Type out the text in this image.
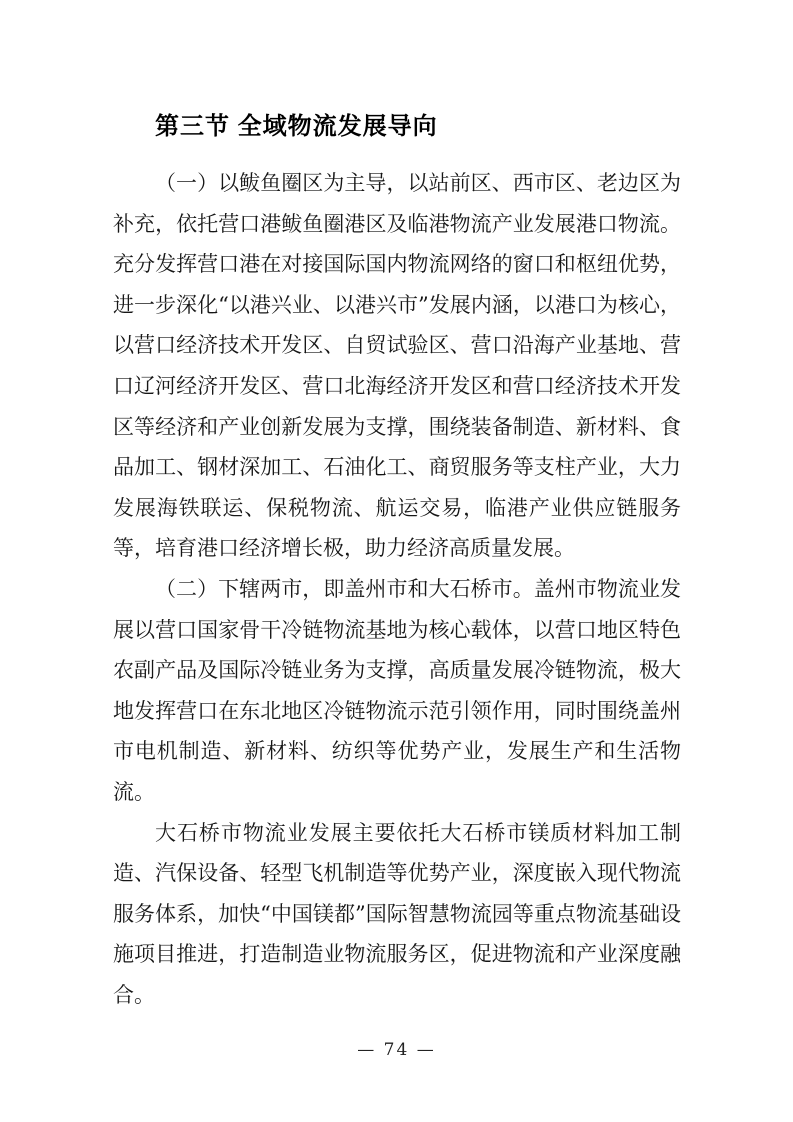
第三节 全域物流发展导向

（一）以鲅鱼圈区为主导，以站前区、西市区、老边区为补充，依托营口港鲅鱼圈港区及临港物流产业发展港口物流。充分发挥营口港在对接国际国内物流网络的窗口和枢纽优势，进一步深化“以港兴业、以港兴市”发展内涵，以港口为核心，以营口经济技术开发区、自贸试验区、营口沿海产业基地、营口辽河经济开发区、营口北海经济开发区和营口经济技术开发区等经济和产业创新发展为支撑，围绕装备制造、新材料、食品加工、钢材深加工、石油化工、商贸服务等支柱产业，大力发展海铁联运、保税物流、航运交易，临港产业供应链服务等，培育港口经济增长极，助力经济高质量发展。

（二）下辖两市，即盖州市和大石桥市。盖州市物流业发展以营口国家骨干冷链物流基地为核心载体，以营口地区特色农副产品及国际冷链业务为支撑，高质量发展冷链物流，极大地发挥营口在东北地区冷链物流示范引领作用，同时围绕盖州市电机制造、新材料、纺织等优势产业，发展生产和生活物流。

大石桥市物流业发展主要依托大石桥市镁质材料加工制造、汽保设备、轻型飞机制造等优势产业，深度嵌入现代物流服务体系，加快“中国镁都”国际智慧物流园等重点物流基础设施项目推进，打造制造业物流服务区，促进物流和产业深度融合。

— 74 —
